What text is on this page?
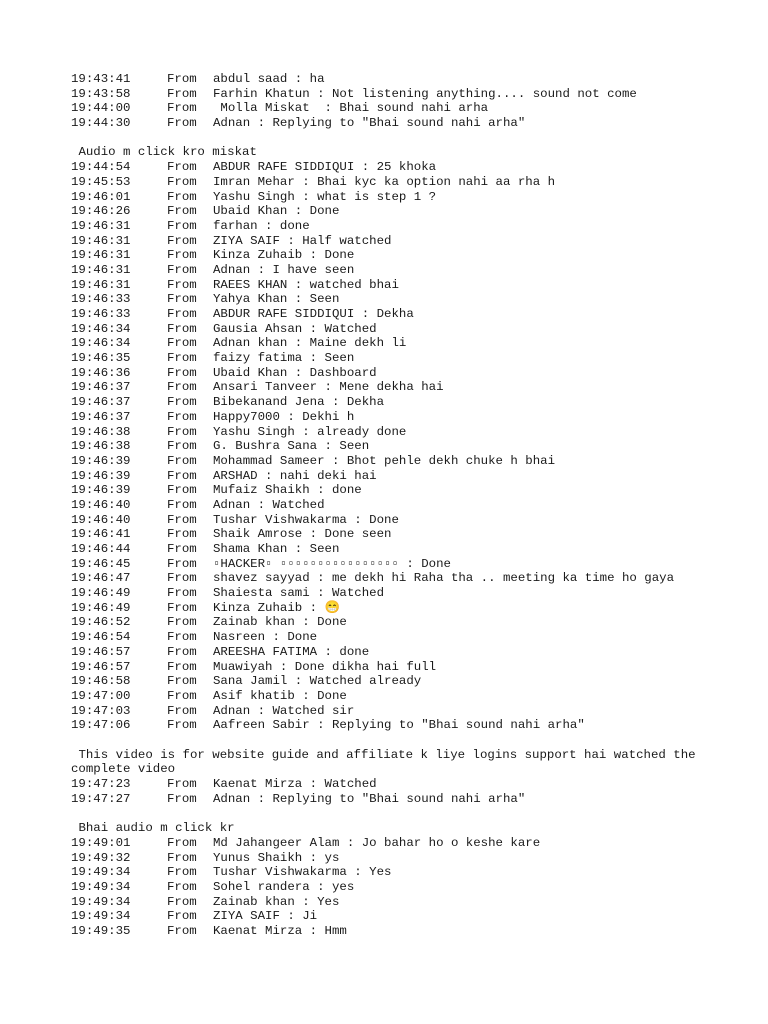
19:43:41	From abdul saad : ha
19:43:58	From Farhin Khatun : Not listening anything.... sound not come
19:44:00	From Molla Miskat  : Bhai sound nahi arha
19:44:30	From Adnan : Replying to "Bhai sound nahi arha"
Audio m click kro miskat
19:44:54	From ABDUR RAFE SIDDIQUI : 25 khoka
19:45:53	From Imran Mehar : Bhai kyc ka option nahi aa rha h
19:46:01	From Yashu Singh : what is step 1 ?
19:46:26	From Ubaid Khan : Done
19:46:31	From farhan : done
19:46:31	From ZIYA SAIF : Half watched
19:46:31	From Kinza Zuhaib : Done
19:46:31	From Adnan : I have seen
19:46:31	From RAEES KHAN : watched bhai
19:46:33	From Yahya Khan : Seen
19:46:33	From ABDUR RAFE SIDDIQUI : Dekha
19:46:34	From Gausia Ahsan : Watched
19:46:34	From Adnan khan : Maine dekh li
19:46:35	From faizy fatima : Seen
19:46:36	From Ubaid Khan : Dashboard
19:46:37	From Ansari Tanveer : Mene dekha hai
19:46:37	From Bibekanand Jena : Dekha
19:46:37	From Happy7000 : Dekhi h
19:46:38	From Yashu Singh : already done
19:46:38	From G. Bushra Sana : Seen
19:46:39	From Mohammad Sameer : Bhot pehle dekh chuke h bhai
19:46:39	From ARSHAD : nahi deki hai
19:46:39	From Mufaiz Shaikh : done
19:46:40	From Adnan : Watched
19:46:40	From Tushar Vishwakarma : Done
19:46:41	From Shaik Amrose : Done seen
19:46:44	From Shama Khan : Seen
19:46:45	From ▫HACKER▫ ▫▫▫▫▫▫▫▫▫▫▫▫▫▫▫▫ : Done
19:46:47	From shavez sayyad : me dekh hi Raha tha .. meeting ka time ho gaya
19:46:49	From Shaiesta sami : Watched
19:46:49	From Kinza Zuhaib : 😁
19:46:52	From Zainab khan : Done
19:46:54	From Nasreen : Done
19:46:57	From AREESHA FATIMA : done
19:46:57	From Muawiyah : Done dikha hai full
19:46:58	From Sana Jamil : Watched already
19:47:00	From Asif khatib : Done
19:47:03	From Adnan : Watched sir
19:47:06	From Aafreen Sabir : Replying to "Bhai sound nahi arha"
This video is for website guide and affiliate k liye logins support hai watched the complete video
19:47:23	From Kaenat Mirza : Watched
19:47:27	From Adnan : Replying to "Bhai sound nahi arha"
Bhai audio m click kr
19:49:01	From Md Jahangeer Alam : Jo bahar ho o keshe kare
19:49:32	From Yunus Shaikh : ys
19:49:34	From Tushar Vishwakarma : Yes
19:49:34	From Sohel randera : yes
19:49:34	From Zainab khan : Yes
19:49:34	From ZIYA SAIF : Ji
19:49:35	From Kaenat Mirza : Hmm
